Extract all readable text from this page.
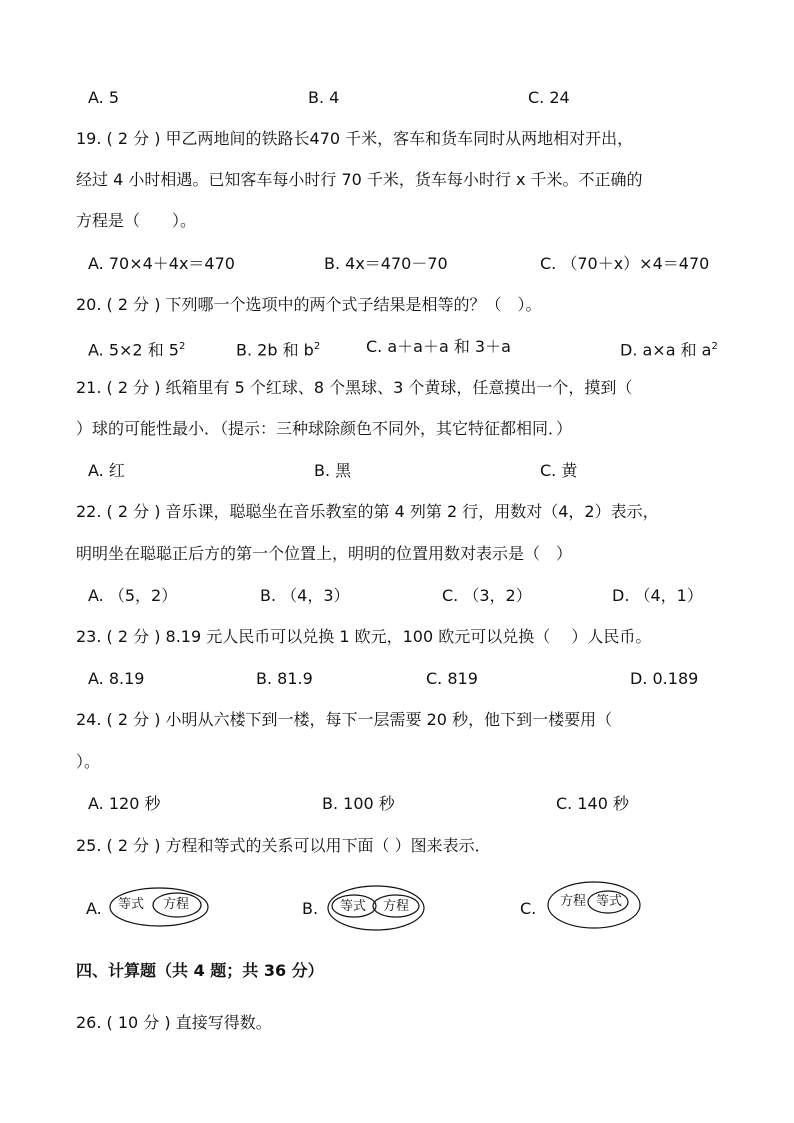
A. 5	B. 4	C. 24
19. ( 2 分 ) 甲乙两地间的铁路长470 千米，客车和货车同时从两地相对开出，
经过 4 小时相遇。已知客车每小时行 70 千米，货车每小时行 x 千米。不正确的
方程是（　　）。
A. 70×4＋4x＝470	B. 4x＝470－70	C. （70＋x）×4＝470
20. ( 2 分 ) 下列哪一个选项中的两个式子结果是相等的？（　）。
A. 5×2 和 $5^2$	B. 2b 和 $b^2$	C. a＋a＋a 和 3＋a	D. a×a 和 $a^2$
21. ( 2 分 ) 纸箱里有 5 个红球、8 个黑球、3 个黄球，任意摸出一个，摸到（
）球的可能性最小．（提示：三种球除颜色不同外，其它特征都相同．）
A. 红	B. 黑	C. 黄
22. ( 2 分 ) 音乐课，聪聪坐在音乐教室的第 4 列第 2 行，用数对（4，2）表示，
明明坐在聪聪正后方的第一个位置上，明明的位置用数对表示是（　）
A. （5，2）	B. （4，3）	C. （3，2）	D. （4，1）
23. ( 2 分 ) 8.19 元人民币可以兑换 1 欧元，100 欧元可以兑换（　 ）人民币。
A. 8.19	B. 81.9	C. 819	D. 0.189
24. ( 2 分 ) 小明从六楼下到一楼，每下一层需要 20 秒，他下到一楼要用（
）。
A. 120 秒	B. 100 秒	C. 140 秒
25. ( 2 分 ) 方程和等式的关系可以用下面（ ）图来表示．
A. 等式 方程	B. 等式 方程	C. 方程 等式
四、计算题（共 4 题；共 36 分）
26. ( 10 分 ) 直接写得数。
